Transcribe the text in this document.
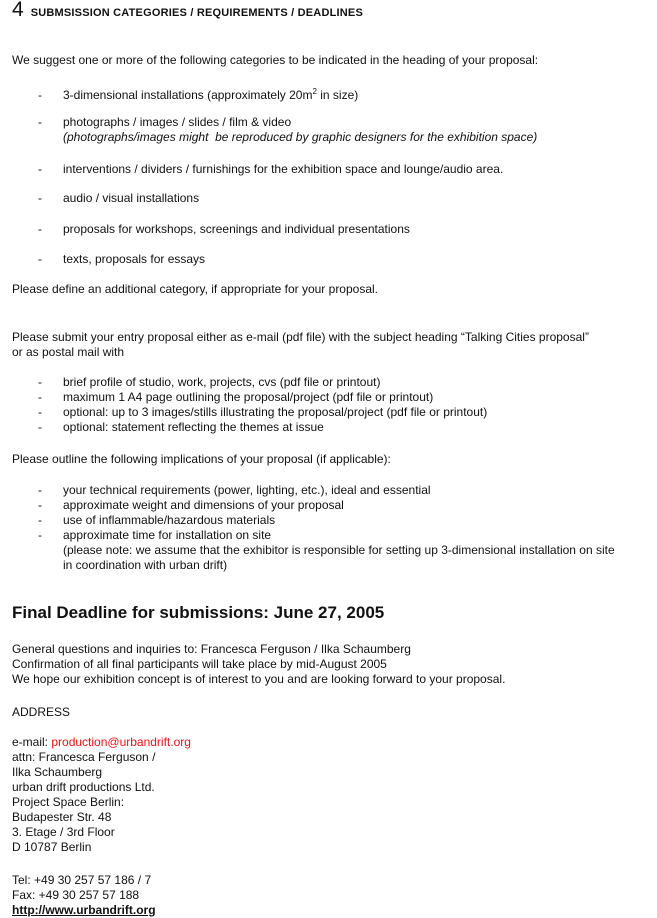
4 SUBMSISSION CATEGORIES / REQUIREMENTS / DEADLINES

We suggest one or more of the following categories to be indicated in the heading of your proposal:

-	3-dimensional installations (approximately $20m^2$ in size)
-	photographs / images / slides / film & video
(photographs/images might  be reproduced by graphic designers for the exhibition space)
-	interventions / dividers / furnishings for the exhibition space and lounge/audio area.
-	audio / visual installations
-	proposals for workshops, screenings and individual presentations
-	texts, proposals for essays

Please define an additional category, if appropriate for your proposal.

Please submit your entry proposal either as e-mail (pdf file) with the subject heading “Talking Cities proposal”
or as postal mail with

-	brief profile of studio, work, projects, cvs (pdf file or printout)
-	maximum 1 A4 page outlining the proposal/project (pdf file or printout)
-	optional: up to 3 images/stills illustrating the proposal/project (pdf file or printout)
-	optional: statement reflecting the themes at issue

Please outline the following implications of your proposal (if applicable):

-	your technical requirements (power, lighting, etc.), ideal and essential
-	approximate weight and dimensions of your proposal
-	use of inflammable/hazardous materials
-	approximate time for installation on site
(please note: we assume that the exhibitor is responsible for setting up 3-dimensional installation on site
in coordination with urban drift)
Final Deadline for submissions: June 27, 2005

General questions and inquiries to: Francesca Ferguson / Ilka Schaumberg
Confirmation of all final participants will take place by mid-August 2005
We hope our exhibition concept is of interest to you and are looking forward to your proposal.

ADDRESS

e-mail: production@urbandrift.org
attn: Francesca Ferguson /
Ilka Schaumberg
urban drift productions Ltd.
Project Space Berlin:
Budapester Str. 48
3. Etage / 3rd Floor
D 10787 Berlin
Tel: +49 30 257 57 186 / 7
Fax: +49 30 257 57 188
http://www.urbandrift.org
